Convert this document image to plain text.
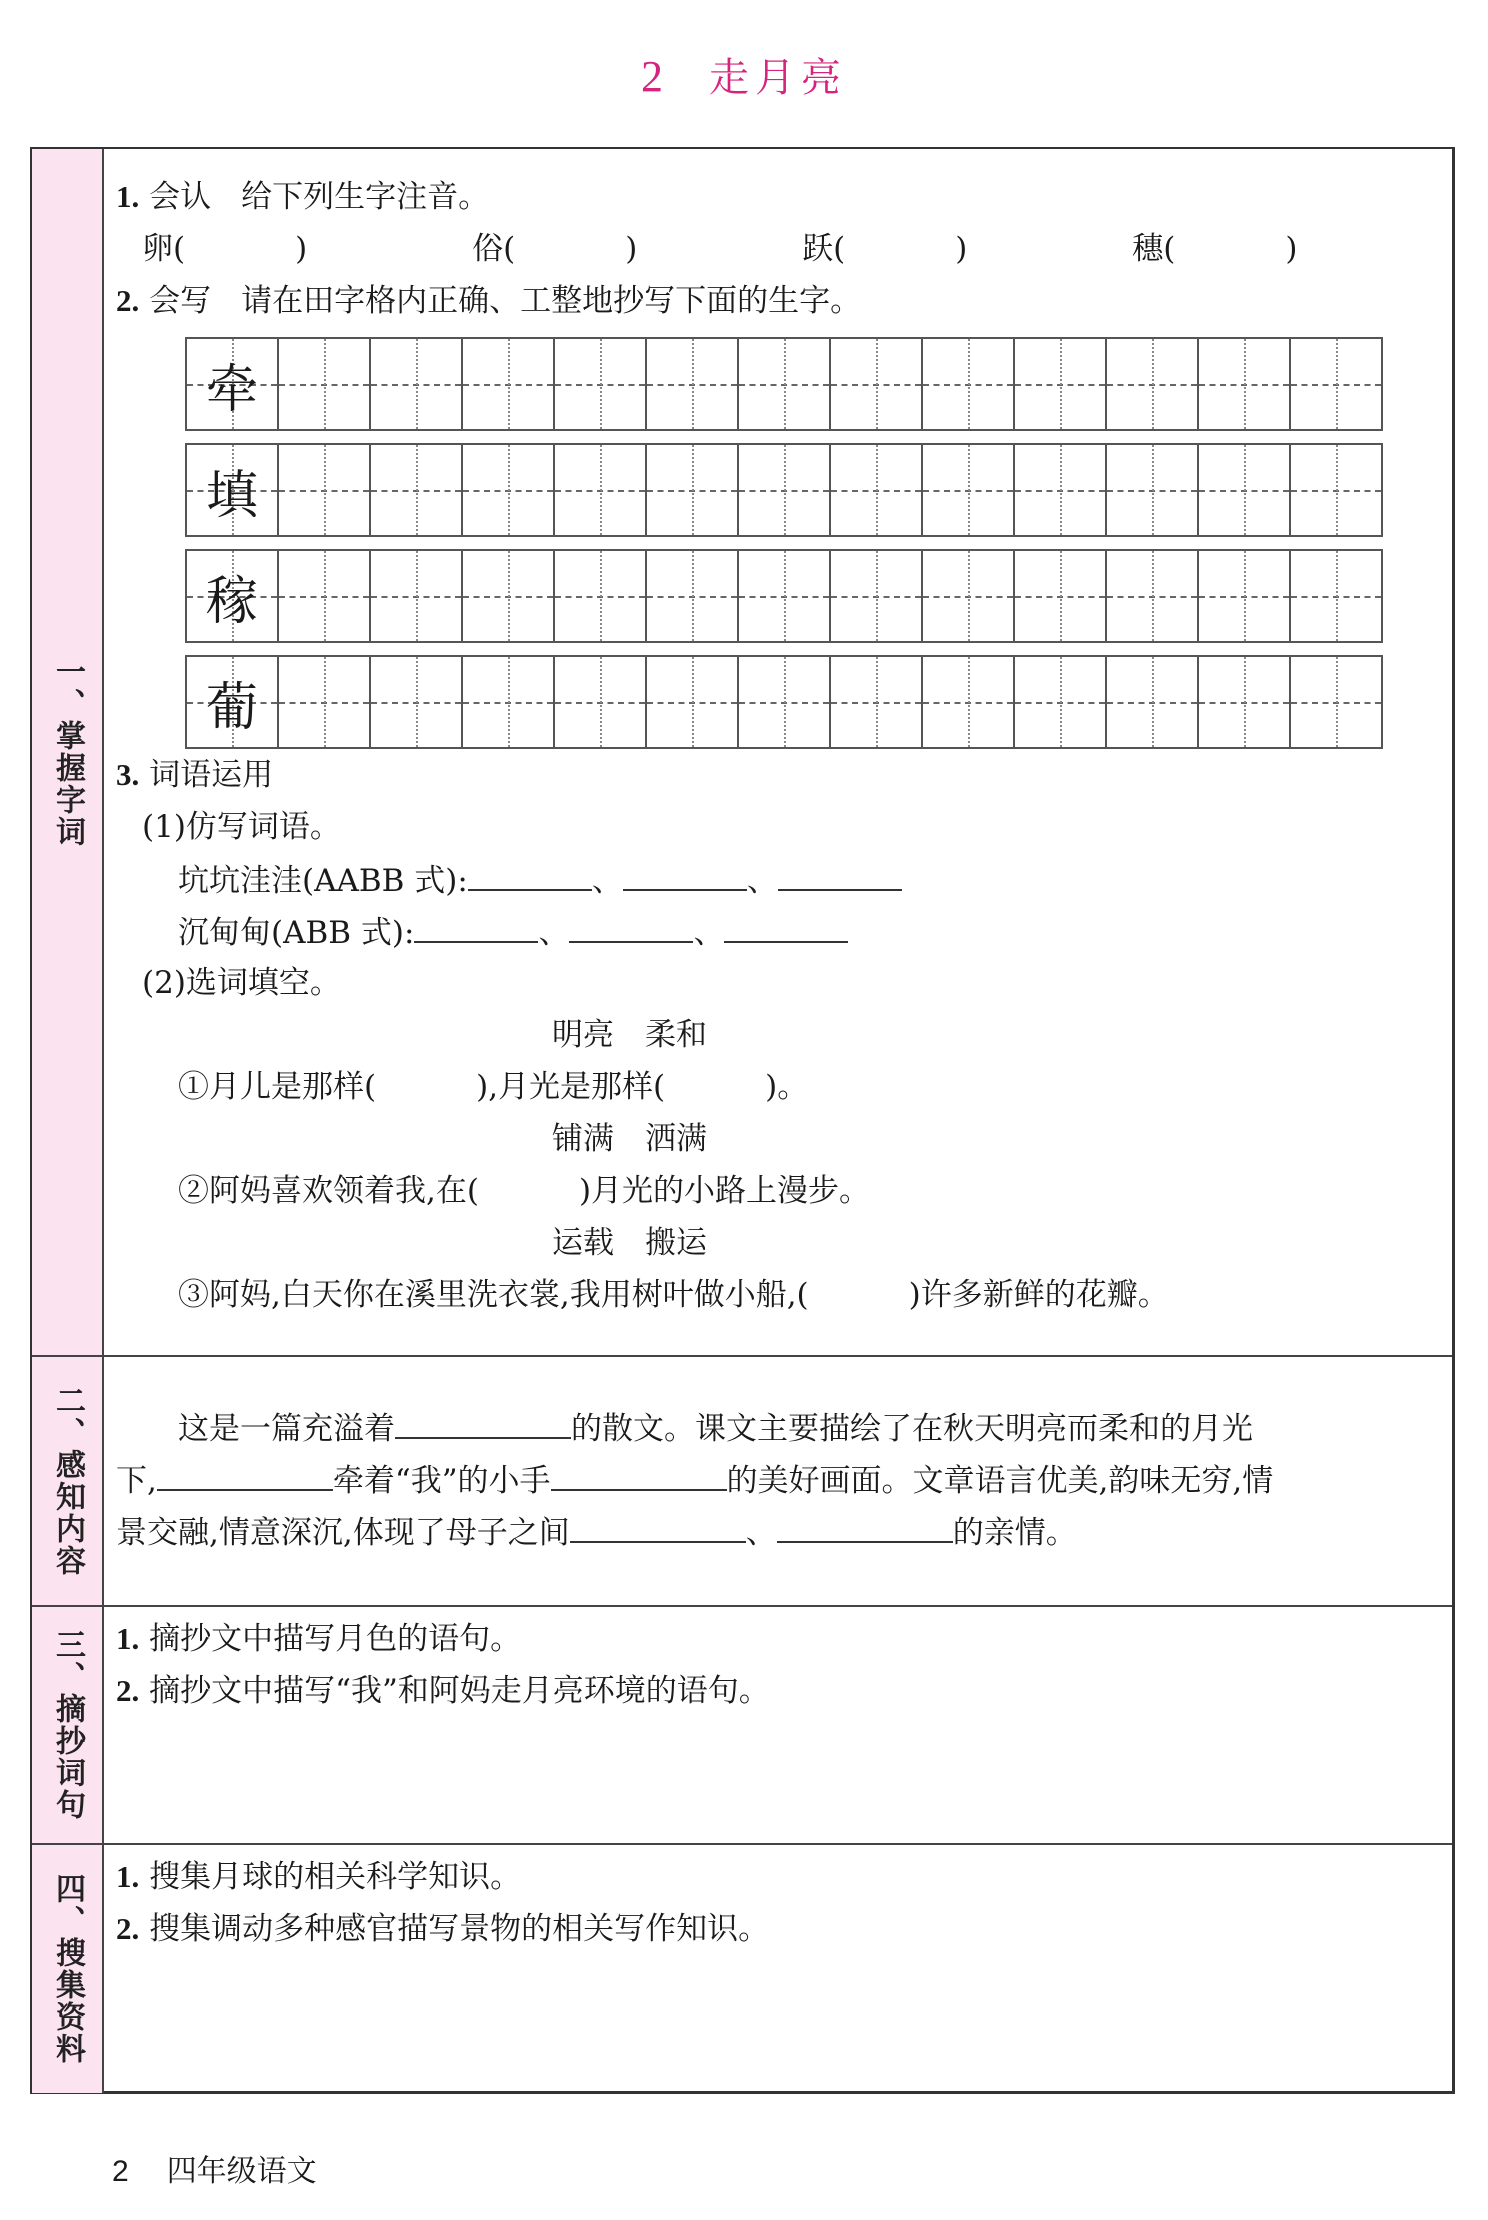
2 走月亮
一、掌握字词
1. 会认 给下列生字注音。
卵(	)	俗(	)	跃(	)	穗(	)
2. 会写 请在田字格内正确、工整地抄写下面的生字。
牵
填
稼
葡
3. 词语运用
(1)仿写词语。
坑坑洼洼(AABB 式):	、	、
沉甸甸(ABB 式):	、	、
(2)选词填空。
明亮　柔和
①月儿是那样(	),月光是那样(	)。
铺满　洒满
②阿妈喜欢领着我,在(	)月光的小路上漫步。
运载　搬运
③阿妈,白天你在溪里洗衣裳,我用树叶做小船,(	)许多新鲜的花瓣。
二、感知内容	这是一篇充溢着	的散文。课文主要描绘了在秋天明亮而柔和的月光
下,	牵着“我”的小手	的美好画面。文章语言优美,韵味无穷,情
景交融,情意深沉,体现了母子之间	、	的亲情。
三、摘抄词句 1. 摘抄文中描写月色的语句。
2. 摘抄文中描写“我”和阿妈走月亮环境的语句。
四、搜集资料 1. 搜集月球的相关科学知识。
2. 搜集调动多种感官描写景物的相关写作知识。
2 四年级语文
